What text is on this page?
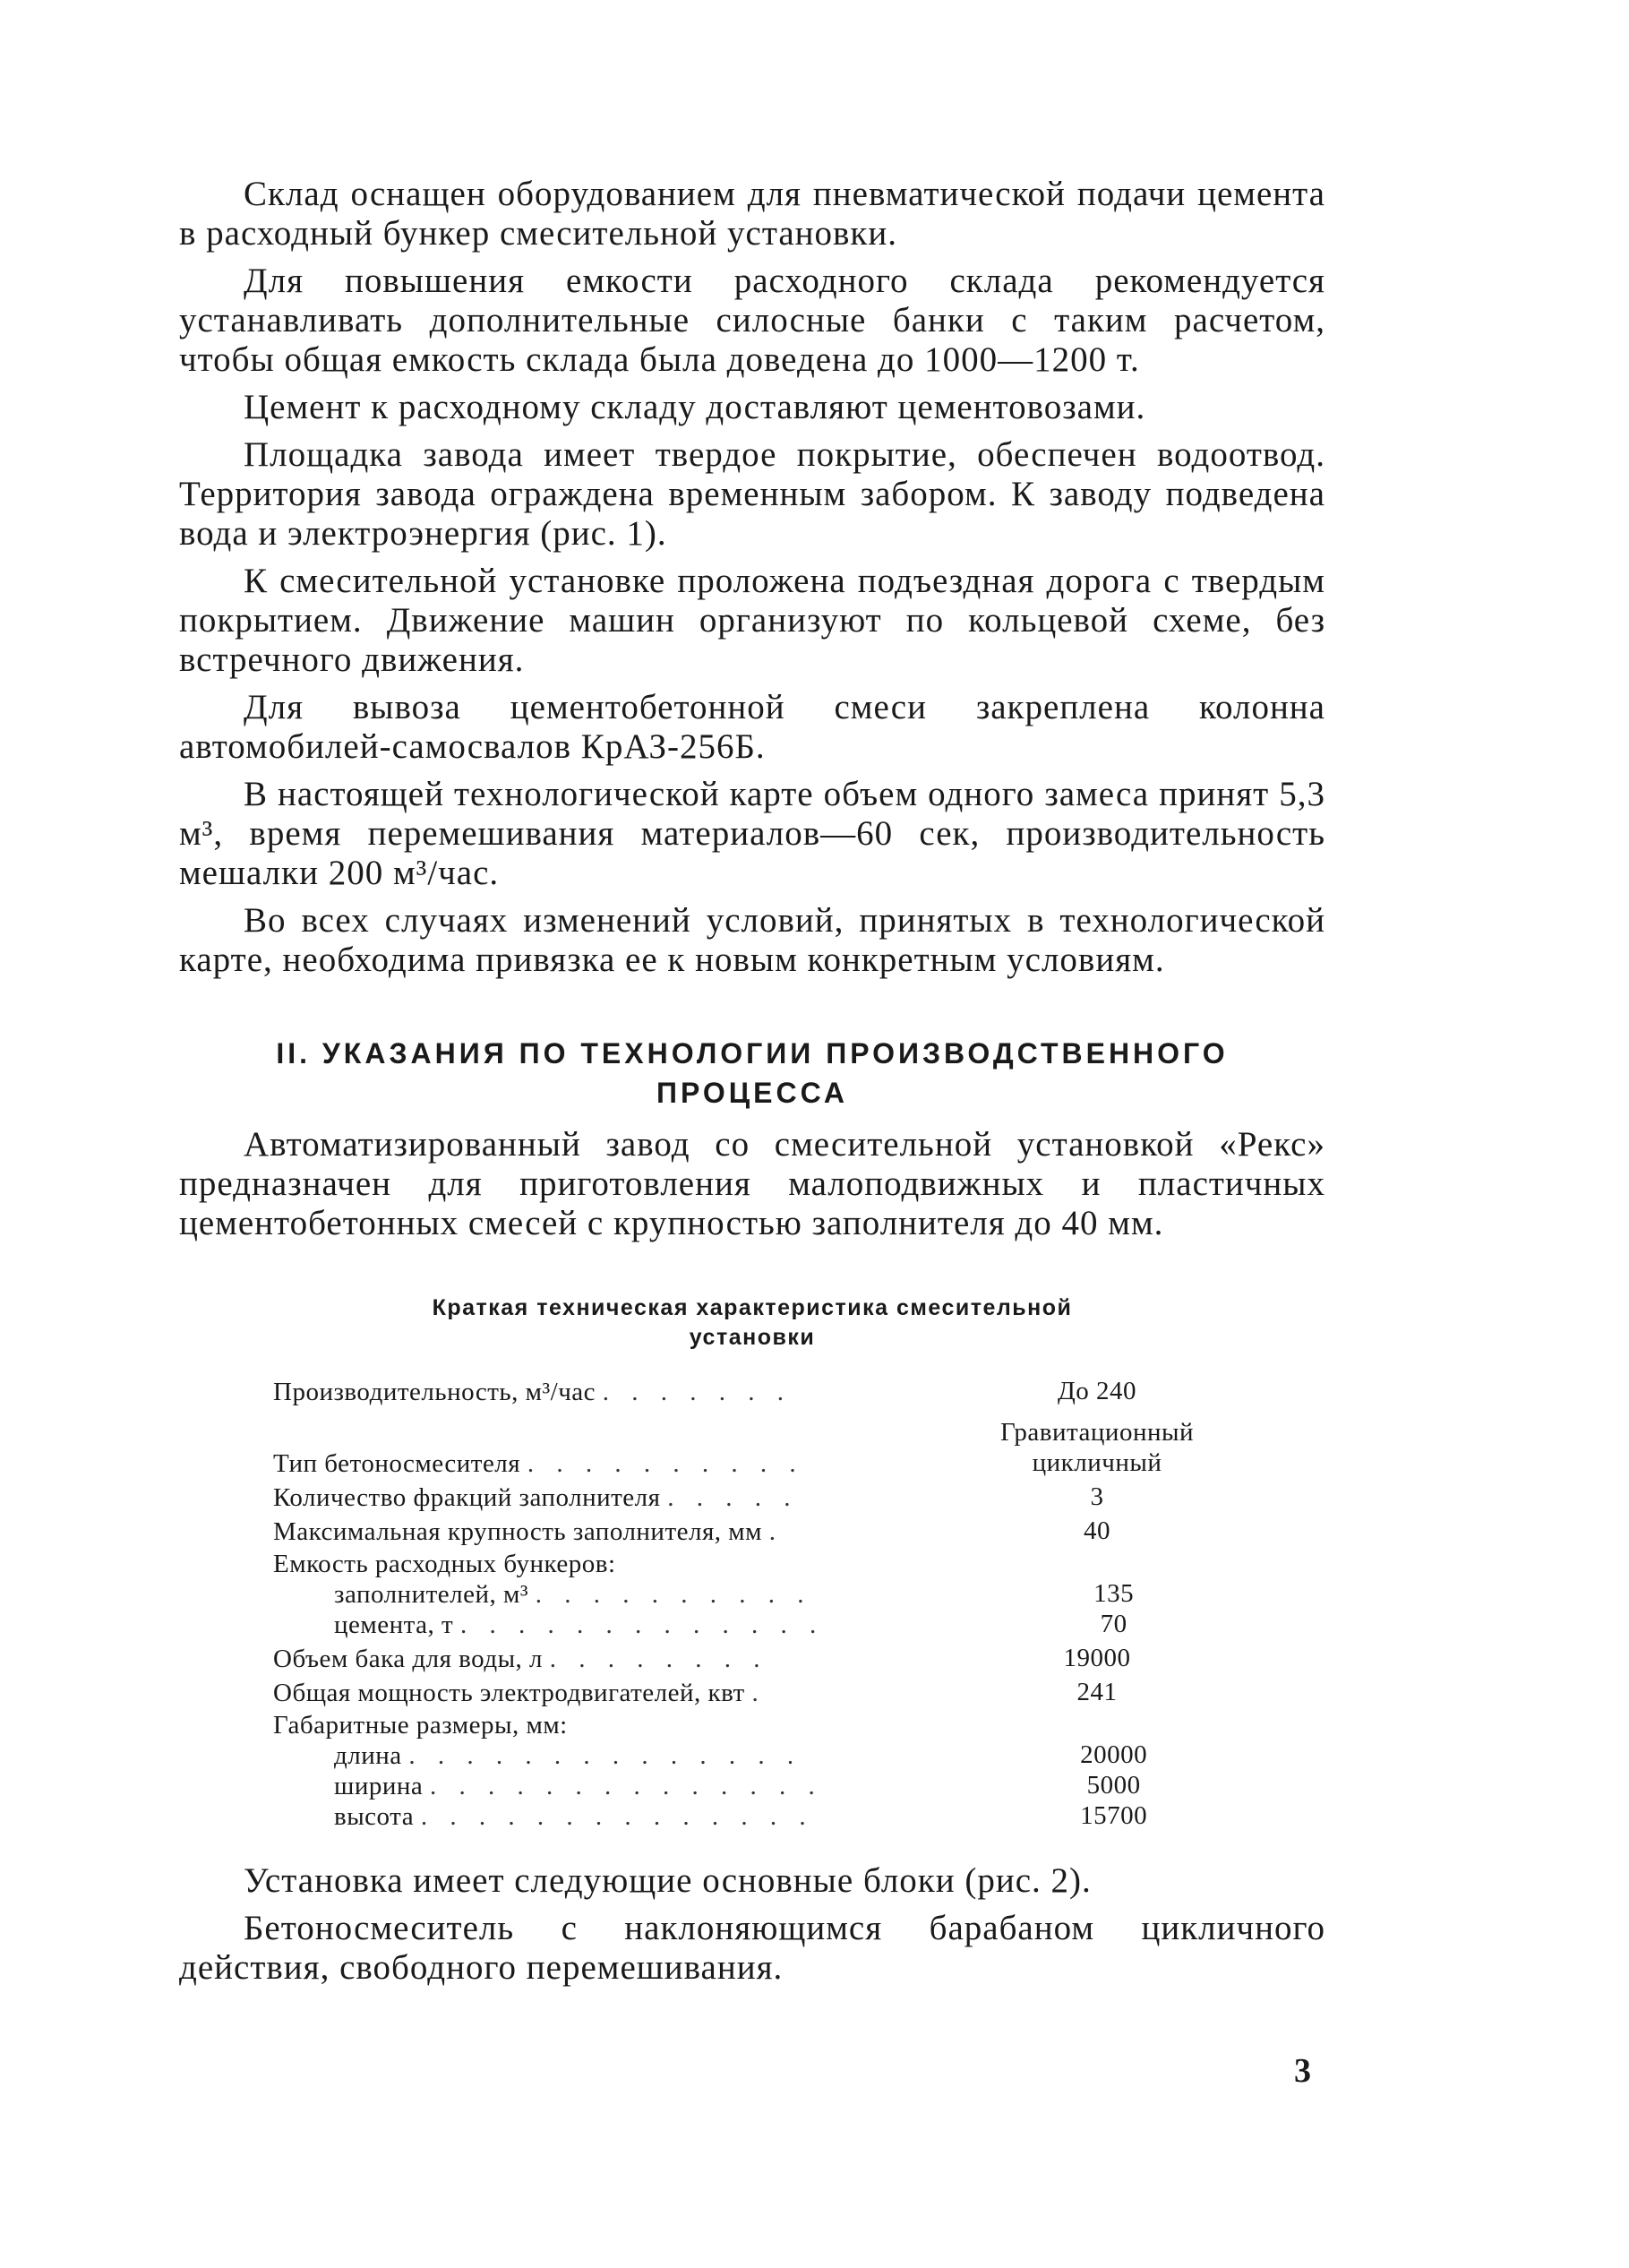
Склад оснащен оборудованием для пневматической подачи цемента в расходный бункер смесительной установки.

Для повышения емкости расходного склада рекомендуется устанавливать дополнительные силосные банки с таким расчетом, чтобы общая емкость склада была доведена до 1000—1200 т.

Цемент к расходному складу доставляют цементовозами.

Площадка завода имеет твердое покрытие, обеспечен водоотвод. Территория завода ограждена временным забором. К заводу подведена вода и электроэнергия (рис. 1).

К смесительной установке проложена подъездная дорога с твердым покрытием. Движение машин организуют по кольцевой схеме, без встречного движения.

Для вывоза цементобетонной смеси закреплена колонна автомобилей-самосвалов КрАЗ-256Б.

В настоящей технологической карте объем одного замеса принят 5,3 м³, время перемешивания материалов—60 сек, производительность мешалки 200 м³/час.

Во всех случаях изменений условий, принятых в технологической карте, необходима привязка ее к новым конкретным условиям.

II. УКАЗАНИЯ ПО ТЕХНОЛОГИИ ПРОИЗВОДСТВЕННОГО
ПРОЦЕССА

Автоматизированный завод со смесительной установкой «Рекс» предназначен для приготовления малоподвижных и пластичных цементобетонных смесей с крупностью заполнителя до 40 мм.

Краткая техническая характеристика смесительной
установки
Производительность, м³/час . . . . . . .	До 240
Тип бетоносмесителя . . . . . . . . . .
Гравитационный
цикличный
Количество фракций заполнителя . . . . .	3
Максимальная крупность заполнителя, мм .	40
Емкость расходных бункеров:
заполнителей, м³ . . . . . . . . . .	135
цемента, т . . . . . . . . . . . . .	70
Объем бака для воды, л . . . . . . . .	19000
Общая мощность электродвигателей, квт .	241
Габаритные размеры, мм:
длина . . . . . . . . . . . . . .	20000
ширина . . . . . . . . . . . . . .	5000
высота . . . . . . . . . . . . . .	15700

Установка имеет следующие основные блоки (рис. 2).

Бетоносмеситель с наклоняющимся барабаном цикличного действия, свободного перемешивания.

3
